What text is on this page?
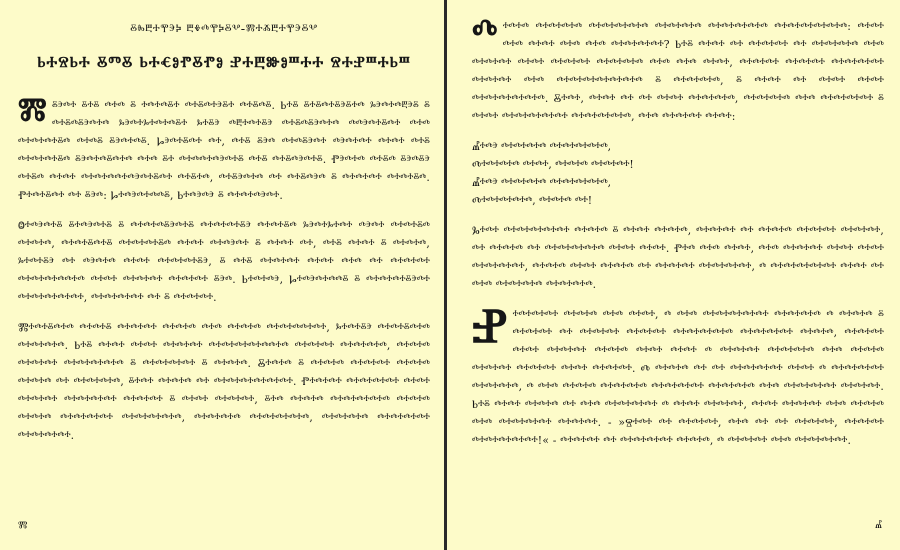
ⰻⰸⰱⰰⰹⰵⰽ ⰱⰷⰴⰹⰽⰻⰲ-ⰿⰰⰶⰱⰰⰹⰵⰻⰲ
ⰓⰀⰔⰓⰀ ⰋⰕⰋ ⰓⰀⰤⰑⰒⰋⰒⰑ ⰐⰀⰁⰖⰑⰞⰀⰀ ⰔⰀⰐⰞⰀⰓⰞ

Ⰿⰻⰵⰴⰰ ⰻⰰⰻ ⰴⰰⰴ ⰻ ⰰⰴⰰⰴⰻⰰ ⰴⰰⰻⰴⰰⰵⰻⰰ ⰴⰰⰻⰴⰻ. Ⱃⰰⰻ ⰻⰰⰻⰴⰰⰻⰵⰻⰰⰴ ⰳⰵⰴⰰⰴⰱⰵⰻ ⰻ ⰴⰰⰻⰴⰻⰵⰴⰰⰴ ⰳⰵⰴⰰⰳⰰⰴⰰⰴⰻⰰ ⰳⰰⰻⰵ ⰴⰱⰰⰴⰰⰻⰵ ⰴⰰⰻⰴⰻⰵⰴⰰⰴ ⰴⰴⰵⰴⰰⰻⰴⰰ ⰴⰰⰴ ⰴⰰⰴⰰⰴⰰⰻⰴ ⰴⰰⰴⰻ ⰻⰵⰴⰰⰴⰻ. Ⱈⰵⰴⰰⰻⰴⰰ ⰴⰰ, ⰴⰰⰻ ⰻⰵⰴ ⰴⰰⰴⰻⰵⰴⰰ ⰴⰵⰴⰰⰴⰰ ⰴⰰⰴⰰ ⰴⰰⰻ ⰴⰰⰴⰰⰴⰰⰻⰴ ⰻⰵⰴⰰⰴⰻⰴⰰⰴ ⰴⰰⰴ ⰻⰰ ⰴⰰⰴⰴⰰⰴⰵⰴⰰⰻ ⰴⰰⰻ ⰴⰰⰻⰴⰵⰴⰰⰻ. Ⱂⰵⰴⰰⰴ ⰴⰰⰻⰴ ⰻⰵⰴⰻⰵ ⰴⰰⰻⰴ ⰴⰰⰴⰰ ⰴⰰⰴⰰⰴⰴⰰⰴⰵⰴⰰⰻⰴⰰ ⰴⰰⰻⰰⰴ, ⰴⰰⰻⰵⰴⰰⰴ ⰴⰰ ⰴⰰⰻⰴⰵⰴ ⰻ ⰴⰰⰴⰰⰴⰰ ⰴⰰⰴⰰⰻⰴ. Ⱂⰰⰴⰰⰻⰴⰰ ⰴⰰ ⰻⰵⰴ: Ⱈⰰⰴⰵⰴⰰⰴⰴⰻ, Ⱃⰰⰴⰵⰴⰵ ⰻ ⰴⰰⰴⰰⰴⰵⰴⰰ.

Ⱉⰰⰴⰵⰴⰰⰻ ⰻⰰⰴⰵⰴⰰⰻ ⰻ ⰴⰰⰴⰰⰴⰻⰵⰴⰰⰻ ⰴⰰⰴⰰⰴⰰⰻⰵ ⰴⰰⰴⰰⰻⰴ ⰳⰵⰴⰰⰳⰰⰴⰰ ⰴⰵⰴⰰ ⰴⰰⰴⰰⰻⰴ ⰴⰰⰴⰰⰴ, ⰴⰰⰴⰰⰻⰴⰰⰻ ⰴⰰⰴⰰⰴⰰⰻⰴ ⰴⰰⰴⰰ ⰴⰰⰴⰵⰴⰰ ⰻ ⰴⰰⰴⰰ ⰴⰰ, ⰴⰰⰻ ⰴⰰⰴⰰ ⰻ ⰴⰰⰴⰰⰴ, ⰳⰰⰴⰰⰻⰵ ⰴⰰ ⰴⰵⰴⰰⰴ ⰴⰰⰴⰰ ⰴⰰⰴⰰⰴⰰⰻⰵ, ⰻ ⰴⰰⰻ ⰴⰰⰴⰰⰴⰰ ⰴⰰⰴⰰ ⰴⰰⰴ ⰴⰰ ⰴⰰⰴⰰⰴⰰ ⰴⰰⰴⰰⰴⰰⰴⰴⰰⰴ ⰴⰰⰴⰰ ⰴⰰⰴⰰⰴⰰ ⰴⰰⰴⰰⰴⰰ ⰻⰵⰴ. Ⱃⰰⰴⰰⰴⰵ, Ⱈⰰⰴⰵⰴⰰⰴⰴⰻ ⰻ ⰴⰰⰴⰰⰴⰰⰻⰵⰴⰰ ⰴⰰⰴⰰⰴⰰⰴⰰⰴⰰ, ⰴⰰⰴⰰⰴⰰⰴⰰ ⰴⰰ ⰻ ⰴⰰⰴⰰⰴⰰ.

Ⰿⰰⰴⰰⰻⰴⰰⰴ ⰴⰰⰴⰰⰻ ⰴⰰⰴⰰⰴⰰ ⰴⰰⰴⰰⰴ ⰴⰰⰴ ⰴⰰⰴⰰⰴ ⰴⰰⰴⰰⰴⰴⰰⰴⰰ, ⰳⰰⰴⰰⰻⰵ ⰴⰰⰴⰰⰻⰴⰰⰴ ⰴⰰⰴⰰⰴⰰⰴ. Ⱃⰰⰻ ⰴⰰⰴⰰ ⰴⰰⰴⰰ ⰴⰰⰴⰰⰴⰰ ⰴⰰⰴⰰⰴⰰⰴⰰⰴⰴⰰⰴ ⰴⰰⰴⰰⰴⰰ ⰴⰰⰴⰰⰴⰰⰴ, ⰴⰰⰴⰰⰴ ⰴⰰⰴⰰⰴⰰ ⰴⰰⰴⰰⰴⰰⰴⰰⰴ ⰻ ⰴⰰⰴⰰⰴⰰⰴⰰ ⰻ ⰴⰰⰴⰰⰴ. Ⰻⰰⰴⰰⰴ ⰻ ⰴⰰⰴⰰⰴ ⰴⰰⰴⰰⰴⰰ ⰴⰰⰴⰰⰴ ⰴⰰⰴⰰⰴ ⰴⰰ ⰴⰰⰴⰰⰴⰰⰴ, ⰻⰰⰴⰰ ⰴⰰⰴⰰⰴ ⰴⰰ ⰴⰰⰴⰰⰴⰰⰴⰰⰴⰰⰴⰰ. Ⱂⰰⰴⰰⰴⰰ ⰴⰰⰴⰰⰴⰰⰴⰰ ⰴⰰⰴⰰ ⰴⰰⰴⰰⰴⰰ ⰴⰰⰴⰰⰴⰰⰴⰰ ⰴⰰⰴⰰⰴⰰ ⰻ ⰴⰰⰴⰰ ⰴⰰⰴⰰⰴⰰ, ⰻⰰⰴ ⰴⰰⰴⰰⰴ ⰴⰰⰴⰰⰴⰰⰴⰰⰴ ⰴⰰⰴⰰⰴ ⰴⰰⰴⰰⰴ ⰴⰰⰴⰰⰴⰰⰴⰰ ⰴⰰⰴⰰⰴⰰⰴⰰⰴ, ⰴⰰⰴⰰⰴⰰⰴ ⰴⰰⰴⰰⰴⰰⰴⰰⰴ, ⰴⰰⰴⰰⰴⰰⰴ ⰴⰰⰴⰰⰴⰰⰴⰰ ⰴⰰⰴⰰⰴⰰⰴⰰ.

ⰿ

Ⰴⰰⰴⰰⰴ ⰴⰰⰴⰰⰴⰰⰴ ⰴⰰⰴⰰⰴⰰⰴⰰⰴ ⰴⰰⰴⰰⰴⰰⰴ ⰴⰰⰴⰰⰴⰰⰴⰰⰴ ⰴⰰⰴⰰⰴⰰⰴⰰⰴⰰⰴ: ⰴⰰⰴⰰ ⰴⰰⰴ ⰴⰰⰴⰰ ⰴⰰⰴ ⰴⰰⰴ ⰴⰰⰴⰰⰴⰰⰴⰰ? Ⱃⰰⰻ ⰴⰰⰴⰰ ⰴⰰ ⰴⰰⰴⰰⰴⰰ ⰴⰰ ⰴⰰⰴⰰⰴⰰⰴ ⰴⰰⰴ ⰴⰰⰴⰰⰴⰰ ⰴⰰⰴⰰ ⰴⰰⰴⰰⰴⰰ ⰴⰰⰴⰰⰴⰰⰴ ⰴⰰⰴ ⰴⰰⰴ ⰴⰰⰴⰰ, ⰴⰰⰴⰰⰴⰰ ⰴⰰⰴⰰⰴⰰ ⰴⰰⰴⰰⰴⰰⰴⰰ ⰴⰰⰴⰰⰴⰰ ⰴⰰⰴ ⰴⰰⰴⰰⰴⰰⰴⰰⰴⰰⰴⰰⰴ ⰻ ⰴⰰⰴⰰⰴⰰⰴ, ⰻ ⰴⰰⰴⰰ ⰴⰰ ⰴⰰⰴⰰ ⰴⰰⰴⰰ ⰴⰰⰴⰰⰴⰰⰴⰰⰴⰰⰴ. Ⰻⰰⰴⰰ, ⰴⰰⰴⰰ ⰴⰰ ⰴⰰ ⰴⰰⰴⰰ ⰴⰰⰴⰰⰴⰰⰴ, ⰴⰰⰴⰰⰴⰰⰴ ⰴⰰⰴ ⰴⰰⰴⰰⰴⰰⰴⰰ ⰻ ⰴⰰⰴⰰ ⰴⰰⰴⰰⰴⰰⰴⰰⰴⰰ ⰴⰰⰴⰰⰴⰰⰴⰰⰴ, ⰴⰰⰴ ⰴⰰⰴⰰⰴⰰ ⰴⰰⰴⰰ:

Ⰼⰰⰴⰵ ⰴⰰⰴⰰⰴⰰⰴ ⰴⰰⰴⰰⰴⰰⰴⰰⰴ,
Ⰴⰰⰴⰰⰴⰰⰴ ⰴⰰⰴⰰ, ⰴⰰⰴⰰⰴ ⰴⰰⰴⰰⰴⰰ!
Ⰼⰰⰴⰵ ⰴⰰⰴⰰⰴⰰⰴ ⰴⰰⰴⰰⰴⰰⰴⰰⰴ,
Ⰴⰰⰴⰰⰴⰰⰴⰰⰴ, ⰴⰰⰴⰰⰴ ⰴⰰ!

Ⰳⰰⰴⰰ ⰴⰰⰴⰰⰴⰰⰴⰰⰴⰰ ⰴⰰⰴⰰⰴ ⰻ ⰴⰰⰴⰰ ⰴⰰⰴⰰⰴ, ⰴⰰⰴⰰⰴⰰ ⰴⰰ ⰴⰰⰴⰰⰴ ⰴⰰⰴⰰⰴⰰ ⰴⰰⰴⰰⰴⰰ, ⰴⰰ ⰴⰰⰴⰰⰴ ⰴⰰ ⰴⰰⰴⰰⰴⰰⰴⰰⰴ ⰴⰰⰴⰰ ⰴⰰⰴⰰ. Ⱂⰰⰴ ⰴⰰⰴ ⰴⰰⰴⰰ, ⰴⰰⰴ ⰴⰰⰴⰰⰴⰰ ⰴⰰⰴⰰ ⰴⰰⰴⰰ ⰴⰰⰴⰰⰴⰰⰴⰰ, ⰴⰰⰴⰰⰴ ⰴⰰⰴⰰ ⰴⰰⰴⰰⰴ ⰴⰰ ⰴⰰⰴⰰⰴⰰ ⰴⰰⰴⰰⰴⰰⰴⰰ, ⰴ ⰴⰰⰴⰰⰴⰰⰴⰰⰴⰰ ⰴⰰⰴⰰ ⰴⰰ ⰴⰰⰴ ⰴⰰⰴⰰⰴⰰⰴ ⰴⰰⰴⰰⰴⰰⰴ.

Ⱀⰰⰴⰰⰴⰰⰴⰰ ⰴⰰⰴⰰⰴ ⰴⰰⰴ ⰴⰰⰴⰰ, ⰴ ⰴⰰⰴ ⰴⰰⰴⰰⰴⰰⰴⰰⰴⰰ ⰴⰰⰴⰰⰴⰰⰴ ⰴ ⰴⰰⰴⰰⰴ ⰻ ⰴⰰⰴⰰⰴⰰ ⰴⰰ ⰴⰰⰴⰰⰴⰰ ⰴⰰⰴⰰⰴⰰ ⰴⰰⰴⰰⰴⰰⰴⰰⰴ ⰴⰰⰴⰰⰴⰰⰴⰰ ⰴⰰⰴⰰⰴ, ⰴⰰⰴⰰⰴⰰ ⰴⰰⰴⰰ ⰴⰰⰴⰰⰴⰰ ⰴⰰⰴⰰⰴ ⰴⰰⰴⰰ ⰴⰰⰴⰰ ⰴ ⰴⰰⰴⰰⰴⰰ ⰴⰰⰴⰰⰴⰰⰴ ⰴⰰⰴ ⰴⰰⰴⰰⰴ ⰴⰰⰴⰰⰴⰰ ⰴⰰⰴⰰⰴⰰ ⰴⰰⰴⰰ ⰴⰰⰴⰰⰴⰰ. Ⰴ ⰴⰰⰴⰰⰴ ⰴⰰ ⰴⰰ ⰴⰰⰴⰰⰴⰰⰴⰰ ⰴⰰⰴⰰ ⰴ ⰴⰰⰴⰰⰴⰰⰴⰰ ⰴⰰⰴⰰⰴⰰⰴ, ⰴ ⰴⰰⰴ ⰴⰰⰴⰰⰴ ⰴⰰⰴⰰⰴⰰⰴ ⰴⰰⰴⰰⰴⰰⰴⰰ ⰴⰰⰴⰰⰴⰰⰴ ⰴⰰⰴ ⰴⰰⰴⰰⰴⰰⰴⰰ ⰴⰰⰴⰰⰴⰰ. Ⱃⰰⰻ ⰴⰰⰴⰰ ⰴⰰⰴⰰⰴ ⰴⰰ ⰴⰰⰴ ⰴⰰⰴⰰⰴⰰⰴⰰ ⰴ ⰴⰰⰴⰰ ⰴⰰⰴⰰⰴⰰ, ⰴⰰⰴⰰ ⰴⰰⰴⰰⰴⰰ ⰴⰰⰴ ⰴⰰⰴⰰⰴ ⰴⰰⰴ ⰴⰰⰴⰰⰴⰰⰴⰰ ⰴⰰⰴⰰⰴⰰ. - »Ⱄⰰⰴⰰ ⰴⰰ ⰴⰰⰴⰰⰴⰰ, ⰴⰰⰴ ⰴⰰ ⰴⰰ ⰴⰰⰴⰰⰴⰰ, ⰴⰰⰴⰰⰴⰰ ⰴⰰⰴⰰⰴⰰⰴⰰⰴⰰ!« - ⰴⰰⰴⰰⰴⰰ ⰴⰰ ⰴⰰⰴⰰⰴⰰⰴⰰ ⰴⰰⰴⰰⰴ, ⰴ ⰴⰰⰴⰰⰴⰰ ⰴⰰⰴ ⰴⰰⰴⰰⰴⰰⰴⰰ.

ⰼ
